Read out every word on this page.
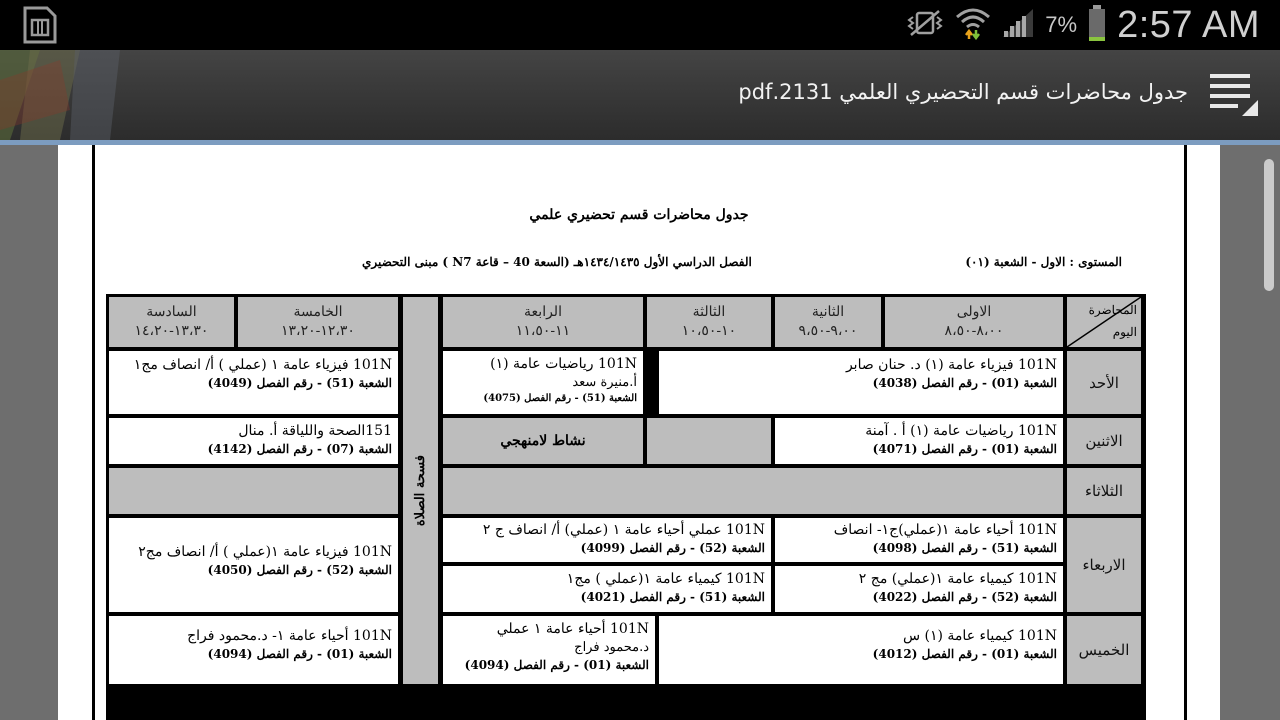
7% 2:57 AM
جدول محاضرات قسم التحضيري العلمي 2131.pdf
جدول محاضرات قسم تحضيري علمي
المستوى : الاول - الشعبة (٠١)
الفصل الدراسي الأول ١٤٣٤/١٤٣٥هـ (السعة 40 – قاعة N7 ) مبنى التحضيري
المحاضرة
اليوم
الاولى
٨،٠٠-٨،٥٠
الثانية
٩،٠٠-٩،٥٠
الثالثة
١٠-١٠،٥٠
الرابعة
١١-١١،٥٠
الخامسة
١٢،٣٠-١٣،٢٠
السادسة
١٣،٣٠-١٤،٢٠
فسحة الصلاة
الأحد
101N فيزياء عامة (١) د. حنان صابر
الشعبة (01) - رقم الفصل (4038)
101N رياضيات عامة (١)
أ.منيرة سعد
الشعبة (51) - رقم الفصل (4075)
101N فيزياء عامة ١ (عملي ) أ/ انصاف مج١
الشعبة (51) - رقم الفصل (4049)
الاثنين
101N رياضيات عامة (١) أ . آمنة
الشعبة (01) - رقم الفصل (4071)
نشاط لامنهجي
151الصحة واللياقة أ. منال
الشعبة (07) - رقم الفصل (4142)
الثلاثاء
الاربعاء
101N أحياء عامة ١(عملي)ج١- انصاف
الشعبة (51) - رقم الفصل (4098)
101N عملي أحياء عامة ١ (عملي) أ/ انصاف ج ٢
الشعبة (52) - رقم الفصل (4099)
101N كيمياء عامة ١(عملي) مج ٢
الشعبة (52) - رقم الفصل (4022)
101N كيمياء عامة ١(عملي ) مج١
الشعبة (51) - رقم الفصل (4021)
101N فيزياء عامة ١(عملي ) أ/ انصاف مج٢
الشعبة (52) - رقم الفصل (4050)
الخميس
101N كيمياء عامة (١) س
الشعبة (01) - رقم الفصل (4012)
101N أحياء عامة ١ عملي
د.محمود فراج
الشعبة (01) - رقم الفصل (4094)
101N أحياء عامة ١- د.محمود فراج
الشعبة (01) - رقم الفصل (4094)
